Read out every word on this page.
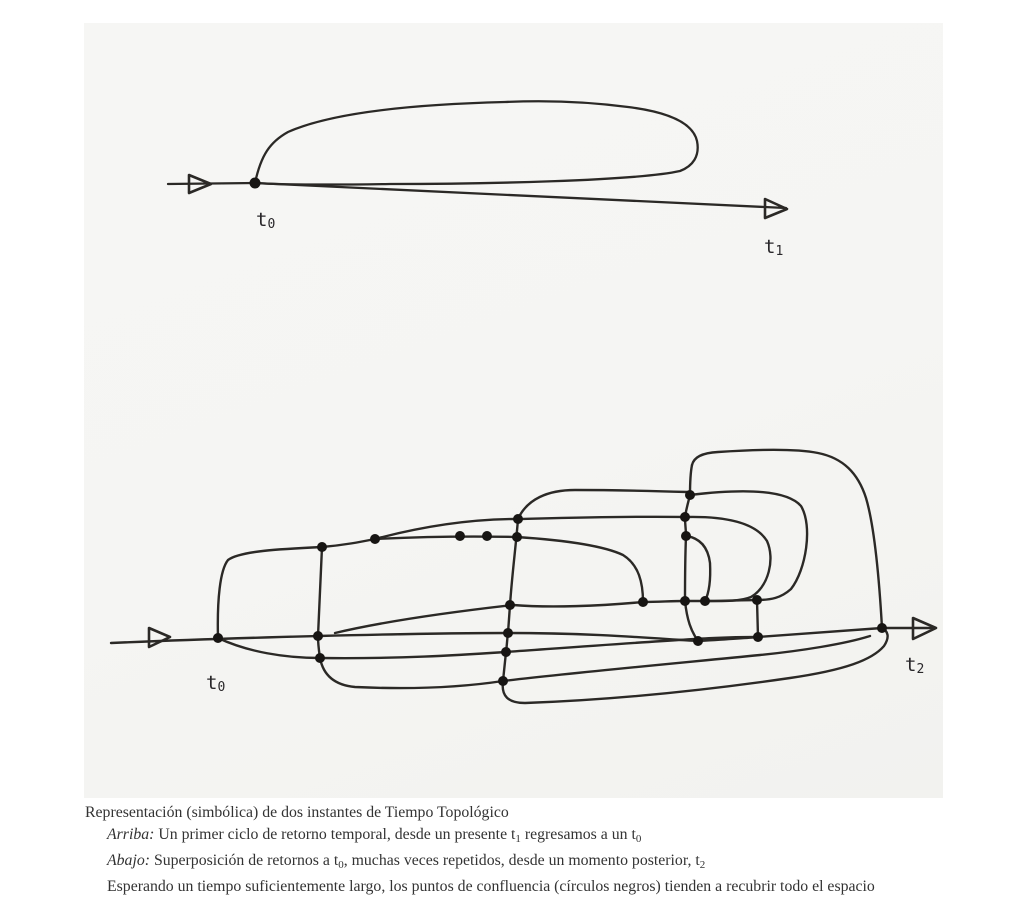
t0
t1
t0
t2

Representación (simbólica) de dos instantes de Tiempo Topológico

Arriba: Un primer ciclo de retorno temporal, desde un presente t1 regresamos a un t0

Abajo: Superposición de retornos a t0, muchas veces repetidos, desde un momento posterior, t2

Esperando un tiempo suficientemente largo, los puntos de confluencia (círculos negros) tienden a recubrir todo el espacio
